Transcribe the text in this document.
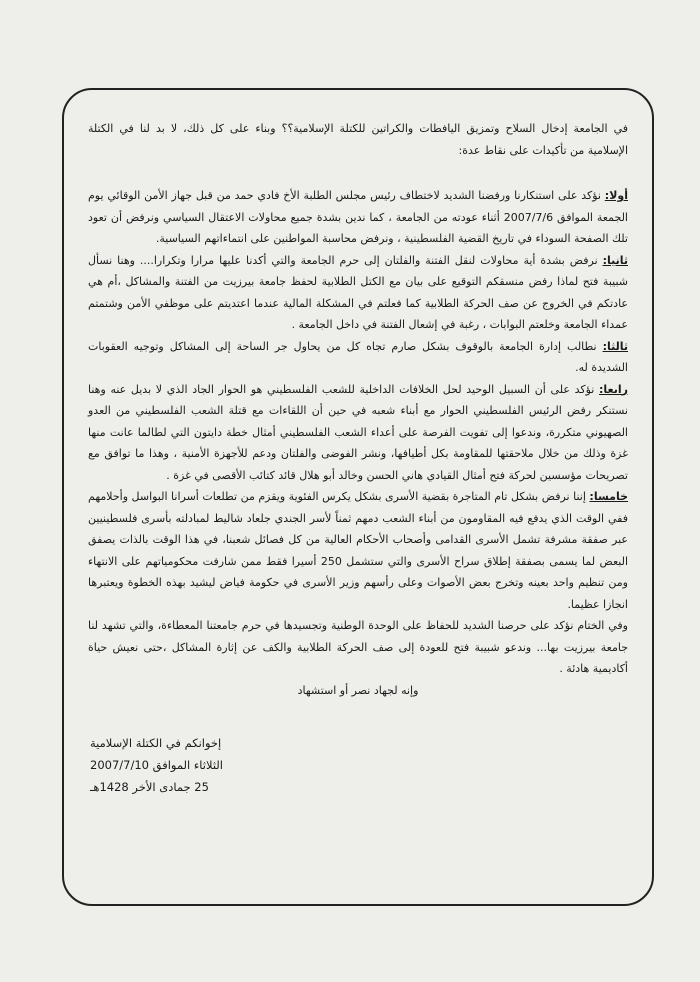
في الجامعة إدخال السلاح وتمزيق اليافطات والكراتين للكتلة الإسلامية؟؟ وبناء على كل ذلك، لا بد لنا في الكتلة الإسلامية من تأكيدات على نقاط عدة:

أولا: نؤكد على استنكارنا ورفضنا الشديد لاختطاف رئيس مجلس الطلبة الأخ فادي حمد من قبل جهاز الأمن الوقائي يوم الجمعة الموافق 2007/7/6 أثناء عودته من الجامعة ، كما ندين بشدة جميع محاولات الاعتقال السياسي ونرفض أن تعود تلك الصفحة السوداء في تاريخ القضية الفلسطينية ، ونرفض محاسبة المواطنين على انتماءاتهم السياسية.

ثانيا: نرفض بشدة أية محاولات لنقل الفتنة والفلتان إلى حرم الجامعة والتي أكدنا عليها مرارا وتكرارا.... وهنا نسأل شبيبة فتح لماذا رفض منسقكم التوقيع على بيان مع الكتل الطلابية لحفظ جامعة بيرزيت من الفتنة والمشاكل ،أم هي عادتكم في الخروج عن صف الحركة الطلابية كما فعلتم في المشكلة المالية عندما اعتديتم على موظفي الأمن وشتمتم عمداء الجامعة وخلعتم البوابات ، رغبة في إشعال الفتنة في داخل الجامعة .

ثالثا: نطالب إدارة الجامعة بالوقوف بشكل صارم تجاه كل من يحاول جر الساحة إلى المشاكل وتوجيه العقوبات الشديدة له.

رابعا: نؤكد على أن السبيل الوحيد لحل الخلافات الداخلية للشعب الفلسطيني هو الحوار الجاد الذي لا بديل عنه وهنا نستنكر رفض الرئيس الفلسطيني الحوار مع أبناء شعبه في حين أن اللقاءات مع قتلة الشعب الفلسطيني من العدو الصهيوني متكررة، وندعوا إلى تفويت الفرصة على أعداء الشعب الفلسطيني أمثال خطة دايتون التي لطالما عانت منها غزة وذلك من خلال ملاحقتها للمقاومة بكل أطيافها، ونشر الفوضى والفلتان ودعم للأجهزة الأمنية ، وهذا ما توافق مع تصريحات مؤسسين لحركة فتح أمثال القيادي هاني الحسن وخالد أبو هلال قائد كتائب الأقصى في غزة .

خامسا: إننا نرفض بشكل تام المتاجرة بقضية الأسرى بشكل يكرس الفئوية ويقزم من تطلعات أسرانا البواسل وأحلامهم ففي الوقت الذي يدفع فيه المقاومون من أبناء الشعب دمهم ثمناً لأسر الجندي جلعاد شاليط لمبادلته بأسرى فلسطينيين عبر صفقة مشرفة تشمل الأسرى القدامى وأصحاب الأحكام العالية من كل فصائل شعبنا، في هذا الوقت بالذات يصفق البعض لما يسمى بصفقة إطلاق سراح الأسرى والتي ستشمل 250 أسيرا فقط ممن شارفت محكومياتهم على الانتهاء ومن تنظيم واحد بعينه وتخرج بعض الأصوات وعلى رأسهم وزير الأسرى في حكومة فياض ليشيد بهذه الخطوة ويعتبرها انجازا عظيما.

وفي الختام نؤكد على حرصنا الشديد للحفاظ على الوحدة الوطنية وتجسيدها في حرم جامعتنا المعطاءة، والتي تشهد لنا جامعة بيرزيت بها... وندعو شبيبة فتح للعودة إلى صف الحركة الطلابية والكف عن إثارة المشاكل ،حتى نعيش حياة أكاديمية هادئة .

وإنه لجهاد نصر أو استشهاد

إخوانكم في الكتلة الإسلامية

الثلاثاء الموافق 2007/7/10

25 جمادى الأخر 1428هـ
